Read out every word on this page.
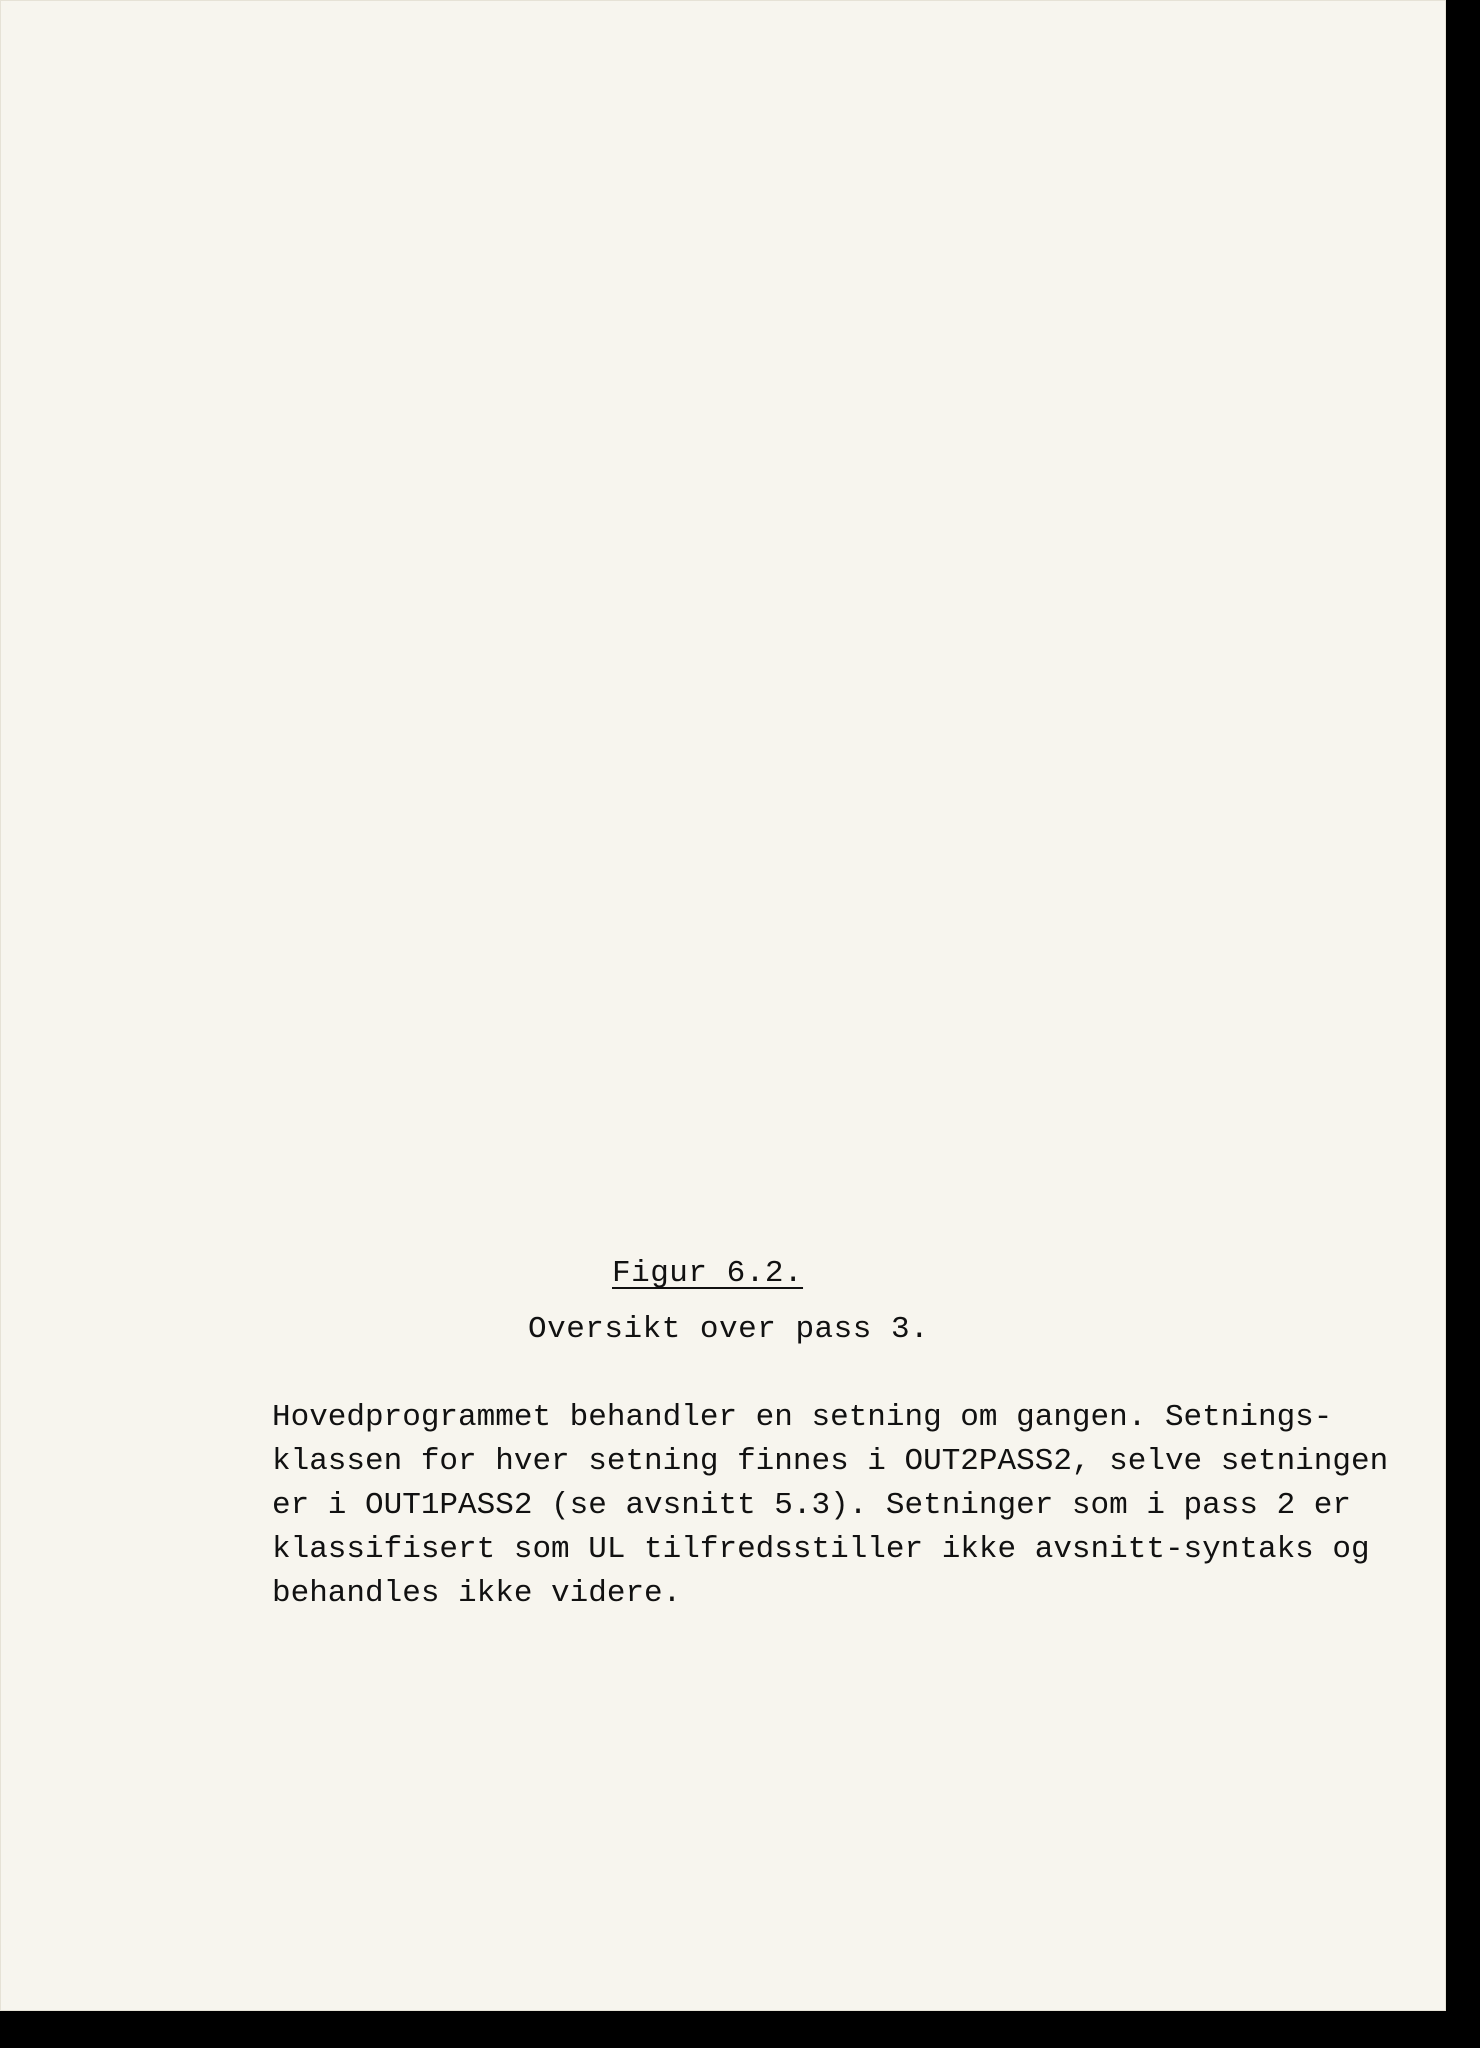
Figur 6.2.
Oversikt over pass 3.
Hovedprogrammet behandler en setning om gangen. Setnings-
klassen for hver setning finnes i OUT2PASS2, selve setningen
er i OUT1PASS2 (se avsnitt 5.3). Setninger som i pass 2 er
klassifisert som UL tilfredsstiller ikke avsnitt-syntaks og
behandles ikke videre.
